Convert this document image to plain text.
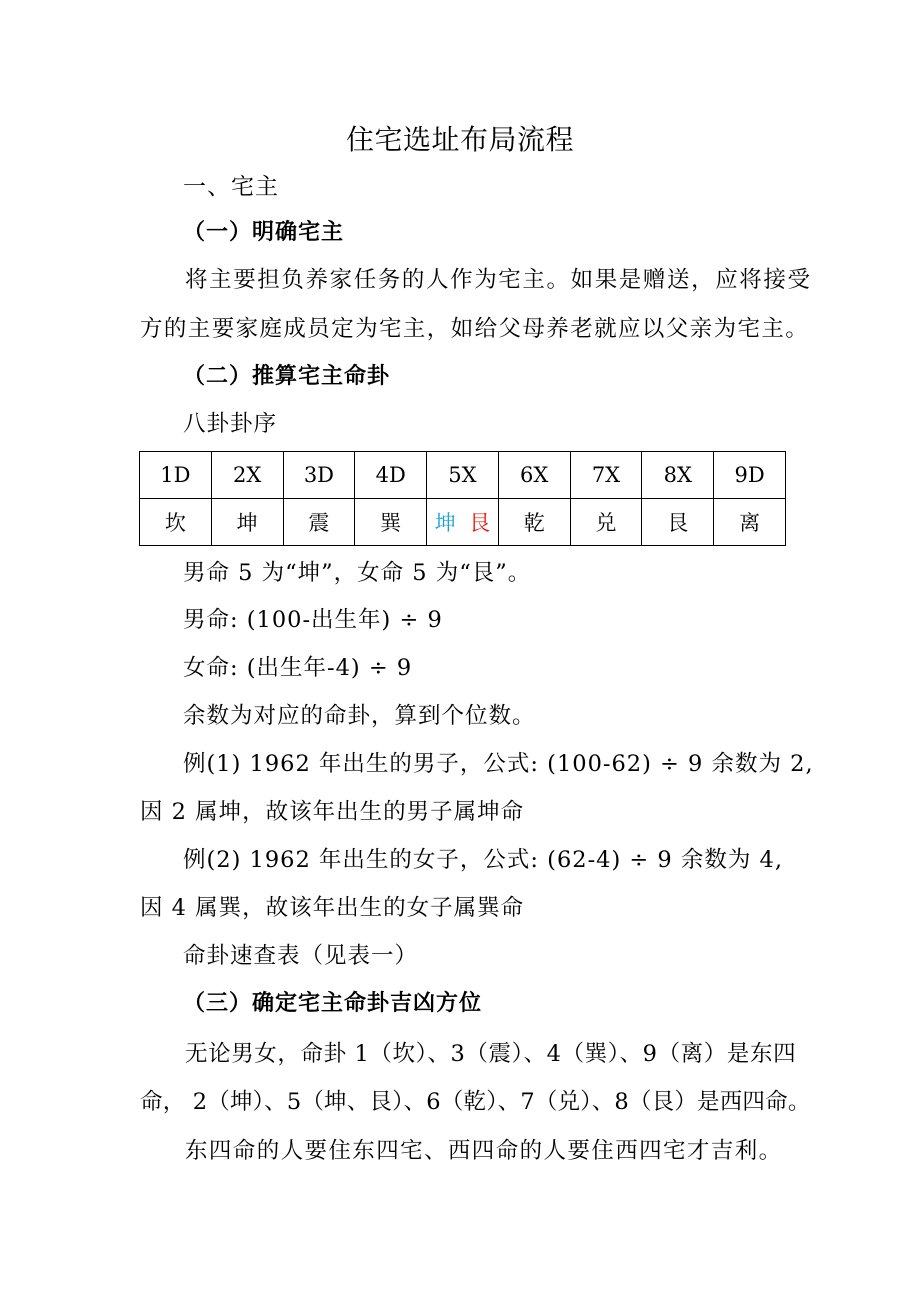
住宅选址布局流程
一、宅主
（一）明确宅主
将主要担负养家任务的人作为宅主。如果是赠送，应将接受
方的主要家庭成员定为宅主，如给父母养老就应以父亲为宅主。
（二）推算宅主命卦
八卦卦序
1D	2X	3D	4D	5X	6X	7X	8X	9D
坎	坤	震	巽	坤 艮	乾	兑	艮	离
男命 5 为“坤”，女命 5 为“艮”。
男命: (100-出生年) ÷ 9
女命: (出生年-4) ÷ 9
余数为对应的命卦，算到个位数。
例(1) 1962 年出生的男子，公式: (100-62) ÷ 9 余数为 2,
因 2 属坤，故该年出生的男子属坤命
例(2) 1962 年出生的女子，公式: (62-4) ÷ 9 余数为 4,
因 4 属巽，故该年出生的女子属巽命
命卦速查表（见表一）
（三）确定宅主命卦吉凶方位
无论男女，命卦 1（坎）、3（震）、4（巽）、9（离）是东四
命， 2（坤）、5（坤、艮）、6（乾）、7（兑）、8（艮）是西四命。
东四命的人要住东四宅、西四命的人要住西四宅才吉利。
